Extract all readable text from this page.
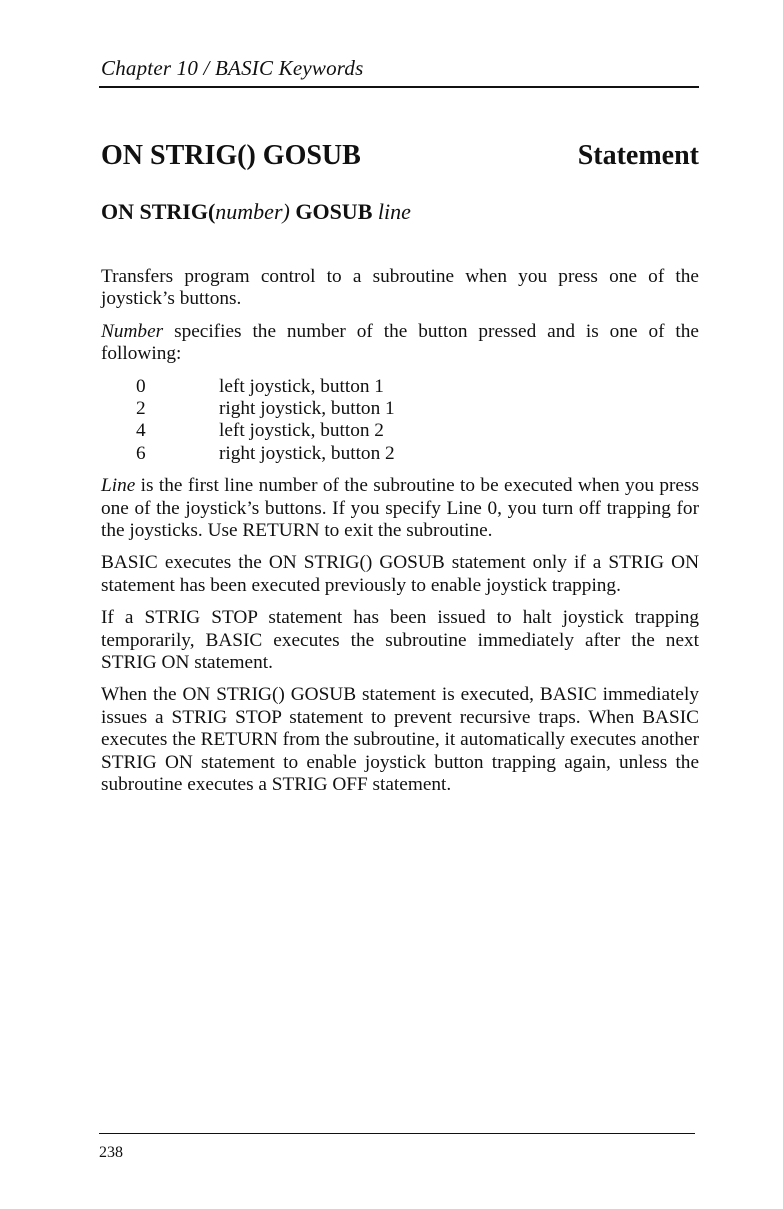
Chapter 10 / BASIC Keywords
ON STRIG() GOSUB	Statement
ON STRIG(number) GOSUB line

Transfers program control to a subroutine when you press one of the joystick’s buttons.

Number specifies the number of the button pressed and is one of the following:

0	left joystick, button 1
2	right joystick, button 1
4	left joystick, button 2
6	right joystick, button 2

Line is the first line number of the subroutine to be executed when you press one of the joystick’s buttons. If you specify Line 0, you turn off trapping for the joysticks. Use RETURN to exit the subroutine.

BASIC executes the ON STRIG() GOSUB statement only if a STRIG ON statement has been executed previously to enable joystick trapping.

If a STRIG STOP statement has been issued to halt joystick trapping temporarily, BASIC executes the subroutine immediately after the next STRIG ON statement.

When the ON STRIG() GOSUB statement is executed, BASIC immediately issues a STRIG STOP statement to prevent recursive traps. When BASIC executes the RETURN from the subroutine, it automatically executes another STRIG ON statement to enable joystick button trapping again, unless the subroutine executes a STRIG OFF statement.

238
